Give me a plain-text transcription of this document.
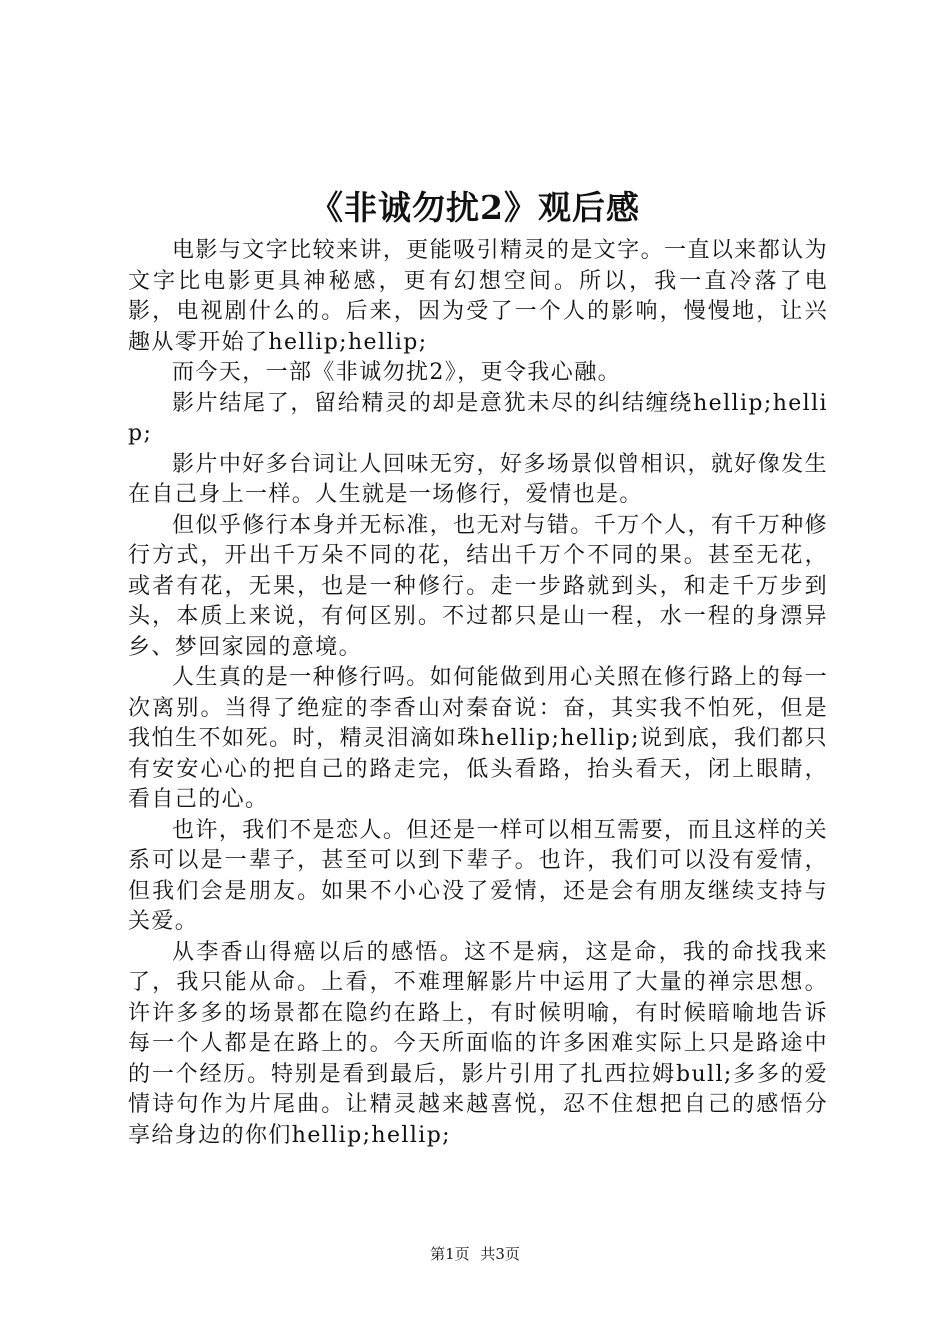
《非诚勿扰2》观后感

电影与文字比较来讲，更能吸引精灵的是文字。一直以来都认为文字比电影更具神秘感，更有幻想空间。所以，我一直冷落了电影，电视剧什么的。后来，因为受了一个人的影响，慢慢地，让兴趣从零开始了hellip;hellip;

而今天，一部《非诚勿扰2》，更令我心融。

影片结尾了，留给精灵的却是意犹未尽的纠结缠绕hellip;hellip;

影片中好多台词让人回味无穷，好多场景似曾相识，就好像发生在自己身上一样。人生就是一场修行，爱情也是。

但似乎修行本身并无标准，也无对与错。千万个人，有千万种修行方式，开出千万朵不同的花，结出千万个不同的果。甚至无花，或者有花，无果，也是一种修行。走一步路就到头，和走千万步到头，本质上来说，有何区别。不过都只是山一程，水一程的身漂异乡、梦回家园的意境。

人生真的是一种修行吗。如何能做到用心关照在修行路上的每一次离别。当得了绝症的李香山对秦奋说：奋，其实我不怕死，但是我怕生不如死。时，精灵泪滴如珠hellip;hellip;说到底，我们都只有安安心心的把自己的路走完，低头看路，抬头看天，闭上眼睛，看自己的心。

也许，我们不是恋人。但还是一样可以相互需要，而且这样的关系可以是一辈子，甚至可以到下辈子。也许，我们可以没有爱情，但我们会是朋友。如果不小心没了爱情，还是会有朋友继续支持与关爱。

从李香山得癌以后的感悟。这不是病，这是命，我的命找我来了，我只能从命。上看，不难理解影片中运用了大量的禅宗思想。许许多多的场景都在隐约在路上，有时候明喻，有时候暗喻地告诉每一个人都是在路上的。今天所面临的许多困难实际上只是路途中的一个经历。特别是看到最后，影片引用了扎西拉姆bull;多多的爱情诗句作为片尾曲。让精灵越来越喜悦，忍不住想把自己的感悟分享给身边的你们hellip;hellip;

第1页 共3页
